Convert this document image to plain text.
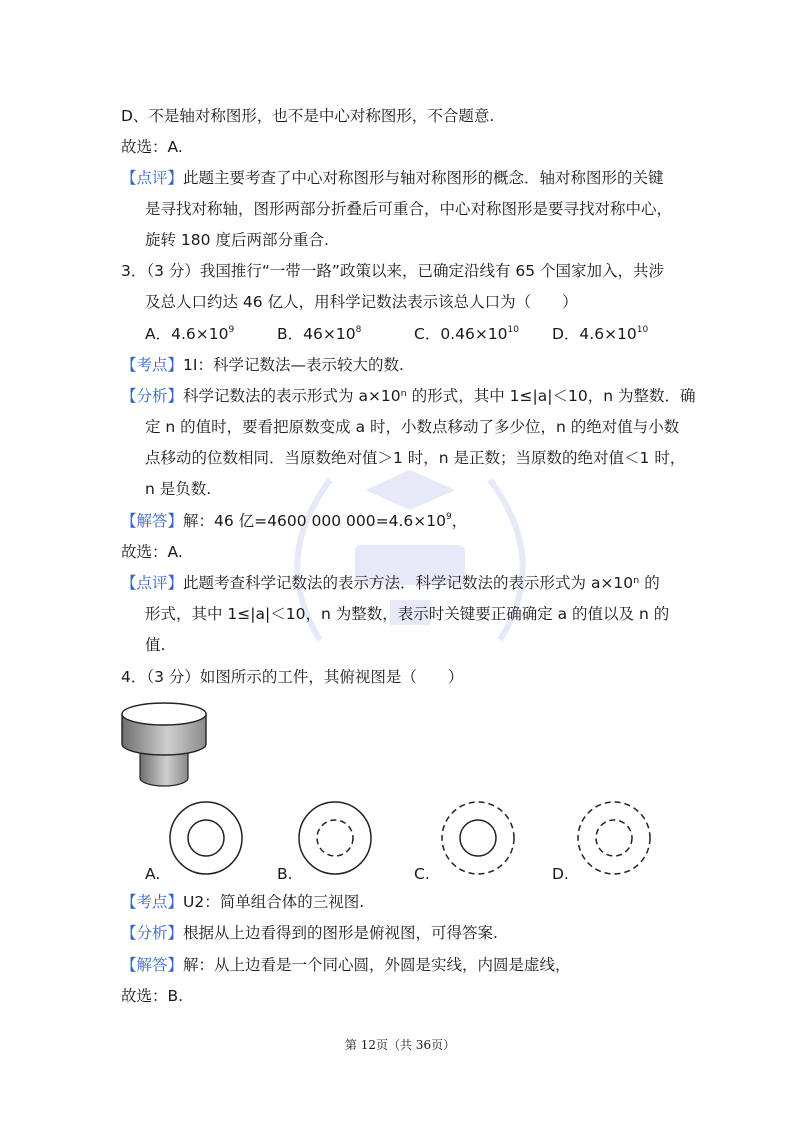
D、不是轴对称图形，也不是中心对称图形，不合题意.
故选：A.
【点评】此题主要考查了中心对称图形与轴对称图形的概念．轴对称图形的关键
是寻找对称轴，图形两部分折叠后可重合，中心对称图形是要寻找对称中心，
旋转 180 度后两部分重合.
3．（3 分）我国推行“一带一路”政策以来，已确定沿线有 65 个国家加入，共涉
及总人口约达 46 亿人，用科学记数法表示该总人口为（　　）
A．$4.6\times 10^9$	B．$46\times 10^8$	C．$0.46\times 10^{10}$ D．$4.6\times 10^{10}$
【考点】1I：科学记数法—表示较大的数.
【分析】科学记数法的表示形式为 a×10ⁿ 的形式，其中 1≤|a|＜10，n 为整数．确
定 n 的值时，要看把原数变成 a 时，小数点移动了多少位，n 的绝对值与小数
点移动的位数相同．当原数绝对值＞1 时，n 是正数；当原数的绝对值＜1 时，
n 是负数.
【解答】解：46 亿=4600 000 $000=4.6\times 10^9$，
故选：A.
【点评】此题考查科学记数法的表示方法．科学记数法的表示形式为 a×10ⁿ 的
形式，其中 1≤|a|＜10，n 为整数，表示时关键要正确确定 a 的值以及 n 的
值.
4．（3 分）如图所示的工件，其俯视图是（　　）
A.	B.	C.	D.
【考点】U2：简单组合体的三视图.
【分析】根据从上边看得到的图形是俯视图，可得答案.
【解答】解：从上边看是一个同心圆，外圆是实线，内圆是虚线，
故选：B.
第 12页（共 36页）
